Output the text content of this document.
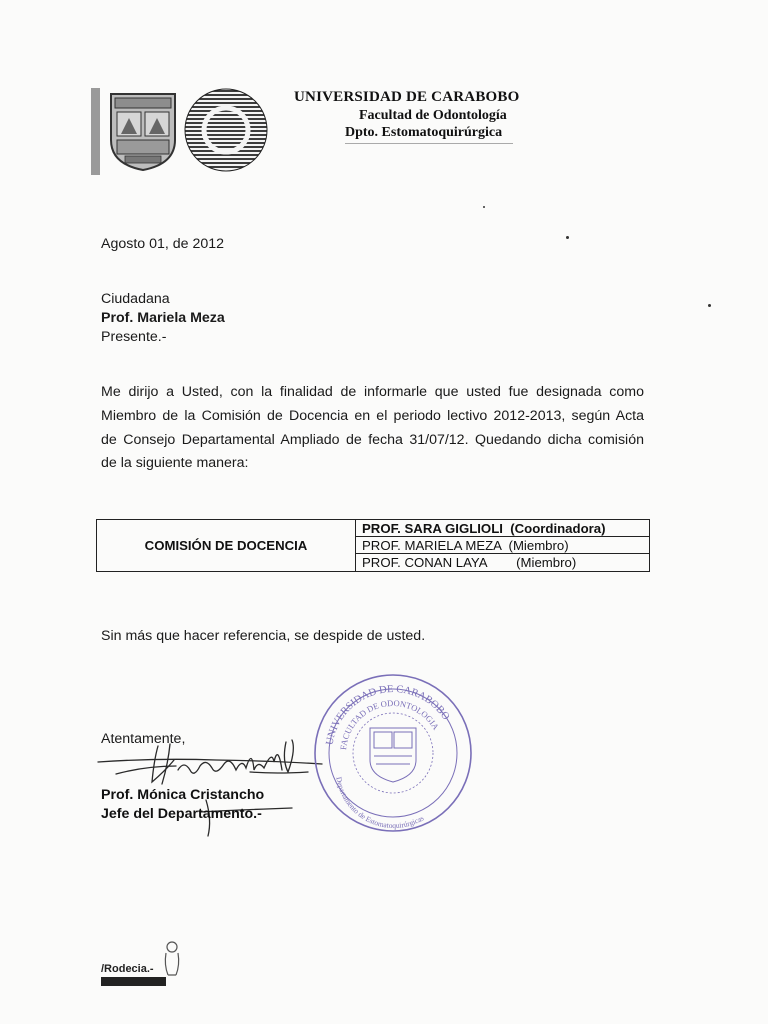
UNIVERSIDAD DE CARABOBO
Facultad de Odontología
Dpto. Estomatoquirúrgica
Agosto 01, de 2012
Ciudadana
Prof. Mariela Meza
Presente.-

Me dirijo a Usted, con la finalidad de informarle que usted fue designada como

Miembro de la Comisión de Docencia en el periodo lectivo 2012-2013, según Acta

de Consejo Departamental Ampliado de fecha 31/07/12. Quedando dicha comisión

de la siguiente manera:

COMISIÓN DE DOCENCIA
PROF. SARA GIGLIOLI  (Coordinadora)
PROF. MARIELA MEZA  (Miembro)
PROF. CONAN LAYA        (Miembro)
Sin más que hacer referencia, se despide de usted.
Atentamente,
Prof. Mónica Cristancho
Jefe del Departamento.-
UNIVERSIDAD DE CARABOBO
FACULTAD DE ODONTOLOGIA
Departamento de Estomatoquirúrgicas
/Rodecia.-
